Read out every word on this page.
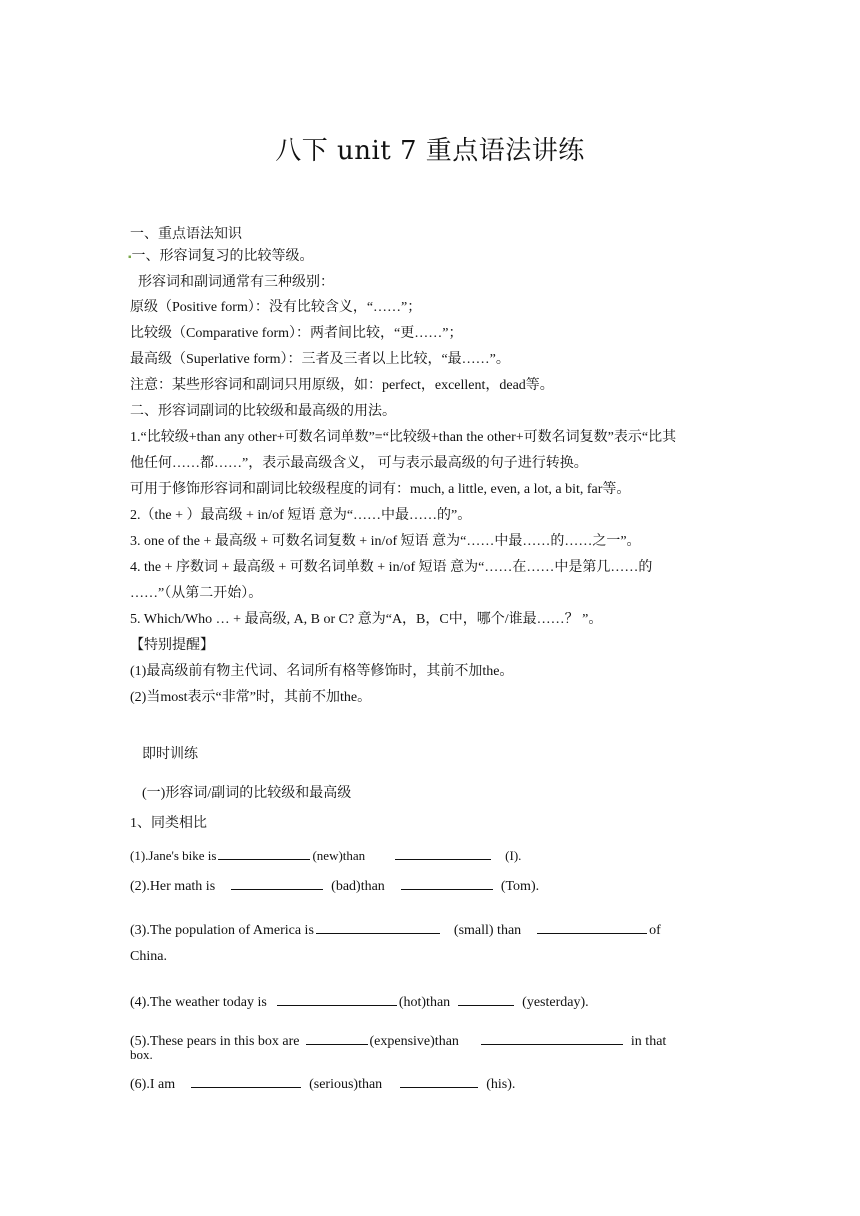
八下 unit 7 重点语法讲练
一、重点语法知识
▪一、形容词复习的比较等级。
形容词和副词通常有三种级别：
原级（Positive form）：没有比较含义，“……”；
比较级（Comparative form）：两者间比较，“更……”；
最高级（Superlative form）：三者及三者以上比较，“最……”。
注意：某些形容词和副词只用原级，如：perfect，excellent，dead等。
二、形容词副词的比较级和最高级的用法。
1.“比较级+than any other+可数名词单数”=“比较级+than the other+可数名词复数”表示“比其
他任何……都……”，表示最高级含义， 可与表示最高级的句子进行转换。
可用于修饰形容词和副词比较级程度的词有：much, a little, even, a lot, a bit, far等。
2.（the + ）最高级 + in/of 短语 意为“……中最……的”。
3. one of the + 最高级 + 可数名词复数 + in/of 短语 意为“……中最……的……之一”。
4. the + 序数词 + 最高级 + 可数名词单数 + in/of 短语 意为“……在……中是第几……的
……”（从第二开始）。
5. Which/Who … + 最高级, A, B or C? 意为“A，B，C中，哪个/谁最……？ ”。
【特别提醒】
(1)最高级前有物主代词、名词所有格等修饰时，其前不加the。
(2)当most表示“非常”时，其前不加the。
即时训练
(一)形容词/副词的比较级和最高级
1、同类相比
(1).Jane's bike is	(new)than	(I).
(2).Her math is	(bad)than	(Tom).
(3).The population of America is	(small) than	of
China.
(4).The weather today is	(hot)than	(yesterday).
(5).These pears in this box are	(expensive)than	in that
box.
(6).I am	(serious)than	(his).
